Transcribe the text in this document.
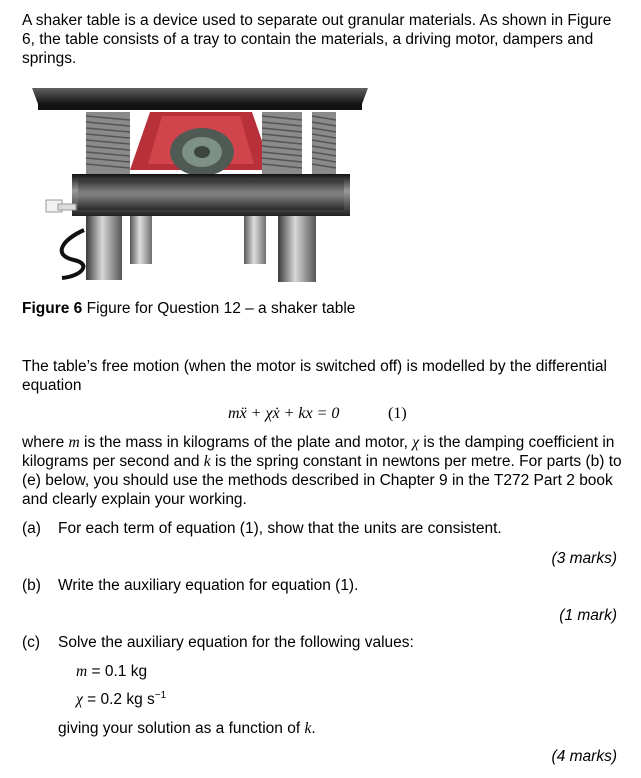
A shaker table is a device used to separate out granular materials. As shown in Figure 6, the table consists of a tray to contain the materials, a driving motor, dampers and springs.
Figure 6 Figure for Question 12 – a shaker table
The table’s free motion (when the motor is switched off) is modelled by the differential equation
mẍ + χẋ + kx = 0	(1)
where m is the mass in kilograms of the plate and motor, χ is the damping coefficient in kilograms per second and k is the spring constant in newtons per metre. For parts (b) to (e) below, you should use the methods described in Chapter 9 in the T272 Part 2 book and clearly explain your working.
(a) For each term of equation (1), show that the units are consistent.
(3 marks)
(b) Write the auxiliary equation for equation (1).
(1 mark)
(c) Solve the auxiliary equation for the following values:
m = 0.1 kg
χ = 0.2 kg $s^{-1}$
giving your solution as a function of k.
(4 marks)
